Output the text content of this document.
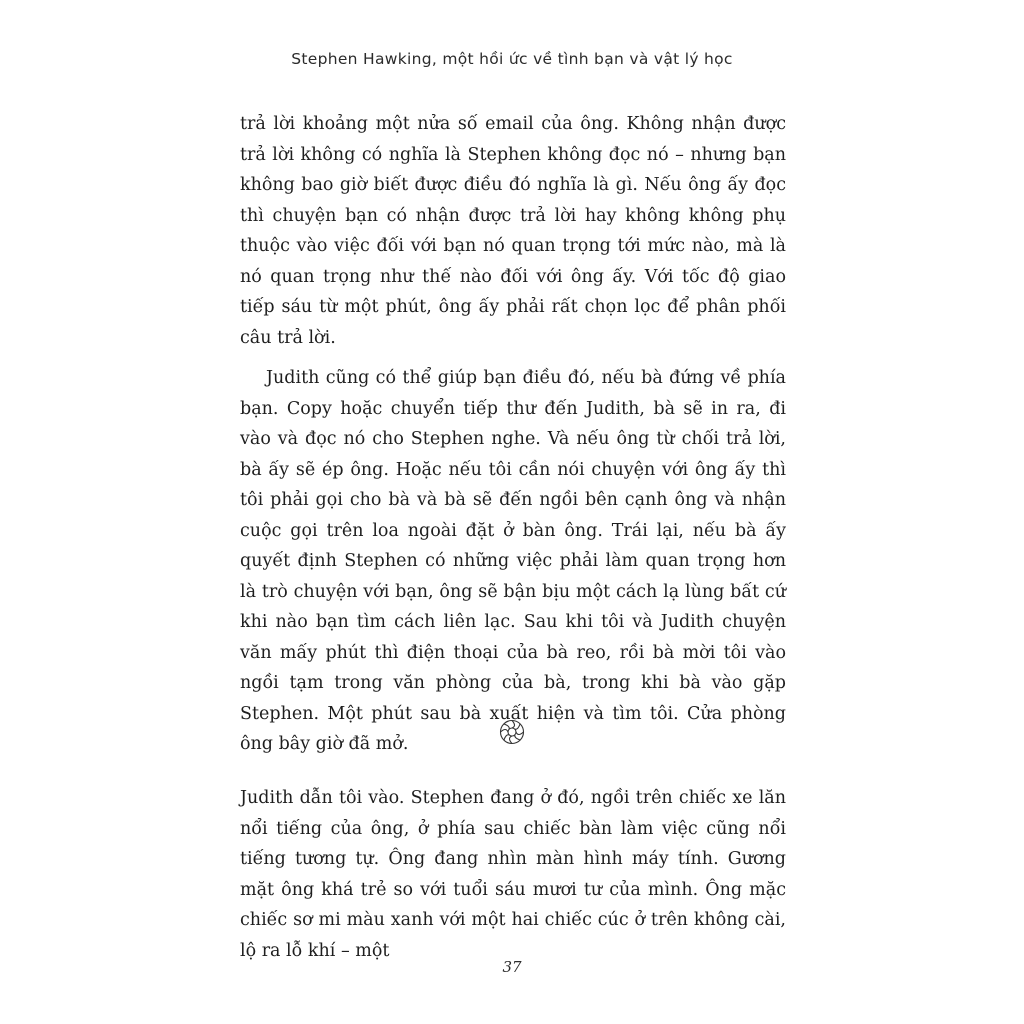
Stephen Hawking, một hồi ức về tình bạn và vật lý học

trả lời khoảng một nửa số email của ông. Không nhận được trả lời không có nghĩa là Stephen không đọc nó – nhưng bạn không bao giờ biết được điều đó nghĩa là gì. Nếu ông ấy đọc thì chuyện bạn có nhận được trả lời hay không không phụ thuộc vào việc đối với bạn nó quan trọng tới mức nào, mà là nó quan trọng như thế nào đối với ông ấy. Với tốc độ giao tiếp sáu từ một phút, ông ấy phải rất chọn lọc để phân phối câu trả lời.

Judith cũng có thể giúp bạn điều đó, nếu bà đứng về phía bạn. Copy hoặc chuyển tiếp thư đến Judith, bà sẽ in ra, đi vào và đọc nó cho Stephen nghe. Và nếu ông từ chối trả lời, bà ấy sẽ ép ông. Hoặc nếu tôi cần nói chuyện với ông ấy thì tôi phải gọi cho bà và bà sẽ đến ngồi bên cạnh ông và nhận cuộc gọi trên loa ngoài đặt ở bàn ông. Trái lại, nếu bà ấy quyết định Stephen có những việc phải làm quan trọng hơn là trò chuyện với bạn, ông sẽ bận bịu một cách lạ lùng bất cứ khi nào bạn tìm cách liên lạc. Sau khi tôi và Judith chuyện văn mấy phút thì điện thoại của bà reo, rồi bà mời tôi vào ngồi tạm trong văn phòng của bà, trong khi bà vào gặp Stephen. Một phút sau bà xuất hiện và tìm tôi. Cửa phòng ông bây giờ đã mở.

Judith dẫn tôi vào. Stephen đang ở đó, ngồi trên chiếc xe lăn nổi tiếng của ông, ở phía sau chiếc bàn làm việc cũng nổi tiếng tương tự. Ông đang nhìn màn hình máy tính. Gương mặt ông khá trẻ so với tuổi sáu mươi tư của mình. Ông mặc chiếc sơ mi màu xanh với một hai chiếc cúc ở trên không cài, lộ ra lỗ khí – một

37
